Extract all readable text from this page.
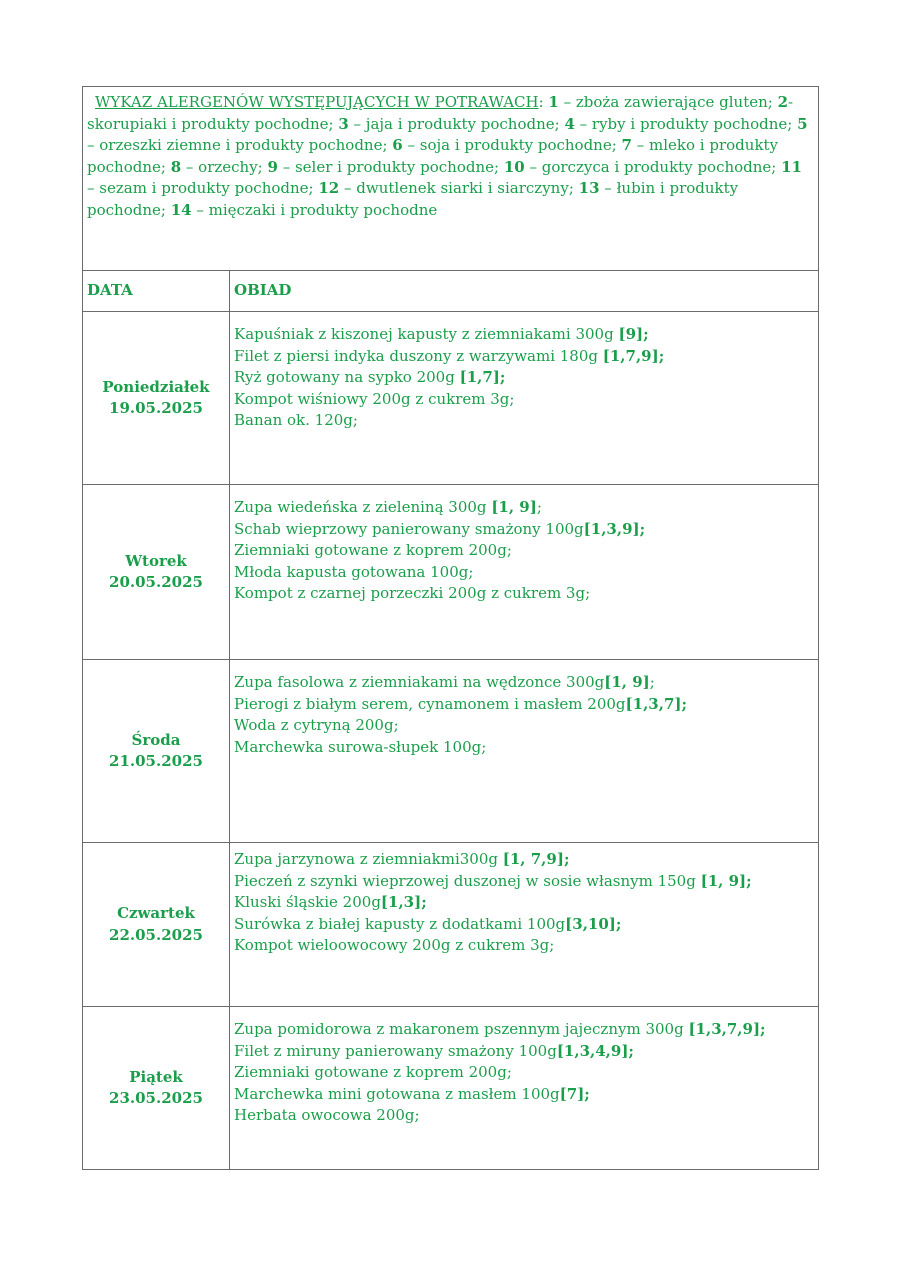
WYKAZ ALERGENÓW WYSTĘPUJĄCYCH W POTRAWACH: 1 – zboża zawierające gluten; 2-skorupiaki i produkty pochodne; 3 – jaja i produkty pochodne; 4 – ryby i produkty pochodne; 5 – orzeszki ziemne i produkty pochodne; 6 – soja i produkty pochodne; 7 – mleko i produkty pochodne; 8 – orzechy; 9 – seler i produkty pochodne; 10 – gorczyca i produkty pochodne; 11 – sezam i produkty pochodne; 12 – dwutlenek siarki i siarczyny; 13 – łubin i produkty pochodne; 14 – mięczaki i produkty pochodne	
DATA	OBIAD

Poniedziałek
19.05.2025	Kapuśniak z kiszonej kapusty z ziemniakami 300g [9];
Filet z piersi indyka duszony z warzywami 180g [1,7,9];
Ryż gotowany na sypko 200g [1,7];
Kompot wiśniowy 200g z cukrem 3g;
Banan ok. 120g;

Wtorek
20.05.2025	Zupa wiedeńska z zieleniną 300g [1, 9];
Schab wieprzowy panierowany smażony 100g[1,3,9];
Ziemniaki gotowane z koprem 200g;
Młoda kapusta gotowana 100g;
Kompot z czarnej porzeczki 200g z cukrem 3g;

Środa
21.05.2025	Zupa fasolowa z ziemniakami na wędzonce 300g[1, 9];
Pierogi z białym serem, cynamonem i masłem 200g[1,3,7];
Woda z cytryną 200g;
Marchewka surowa-słupek 100g;

Czwartek
22.05.2025	Zupa jarzynowa z ziemniakmi300g [1, 7,9];
Pieczeń z szynki wieprzowej duszonej w sosie własnym 150g [1, 9];
Kluski śląskie 200g[1,3];
Surówka z białej kapusty z dodatkami 100g[3,10];
Kompot wieloowocowy 200g z cukrem 3g;

Piątek
23.05.2025	Zupa pomidorowa z makaronem pszennym jajecznym 300g [1,3,7,9];
Filet z miruny panierowany smażony 100g[1,3,4,9];
Ziemniaki gotowane z koprem 200g;
Marchewka mini gotowana z masłem 100g[7];
Herbata owocowa 200g;
